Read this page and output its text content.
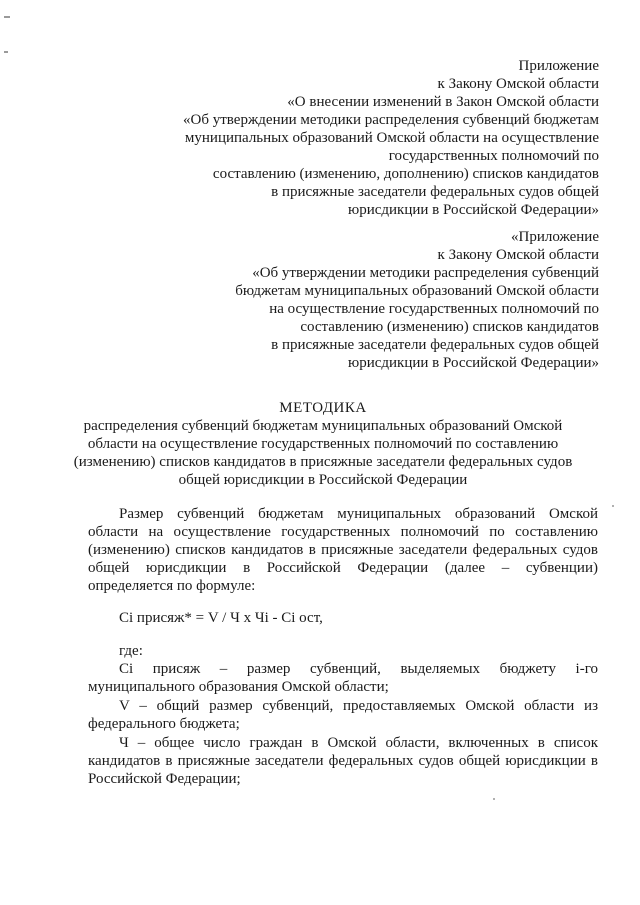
Приложение
к Закону Омской области
«О внесении изменений в Закон Омской области
«Об утверждении методики распределения субвенций бюджетам
муниципальных образований Омской области на осуществление
государственных полномочий по
составлению (изменению, дополнению) списков кандидатов
в присяжные заседатели федеральных судов общей
юрисдикции в Российской Федерации»
«Приложение
к Закону Омской области
«Об утверждении методики распределения субвенций
бюджетам муниципальных образований Омской области
на осуществление государственных полномочий по
составлению (изменению) списков кандидатов
в присяжные заседатели федеральных судов общей
юрисдикции в Российской Федерации»
МЕТОДИКА
распределения субвенций бюджетам муниципальных образований Омской
области на осуществление государственных полномочий по составлению
(изменению) списков кандидатов в присяжные заседатели федеральных судов
общей юрисдикции в Российской Федерации
Размер субвенций бюджетам муниципальных образований Омской
области на осуществление государственных полномочий по составлению
(изменению) списков кандидатов в присяжные заседатели федеральных судов
общей юрисдикции в Российской Федерации (далее – субвенции)
определяется по формуле:
Ci присяж* = V / Ч x Чi - Ci ост,
где:
Ci присяж – размер субвенций, выделяемых бюджету i-го
муниципального образования Омской области;
V – общий размер субвенций, предоставляемых Омской области из
федерального бюджета;
Ч – общее число граждан в Омской области, включенных в список
кандидатов в присяжные заседатели федеральных судов общей юрисдикции в
Российской Федерации;
